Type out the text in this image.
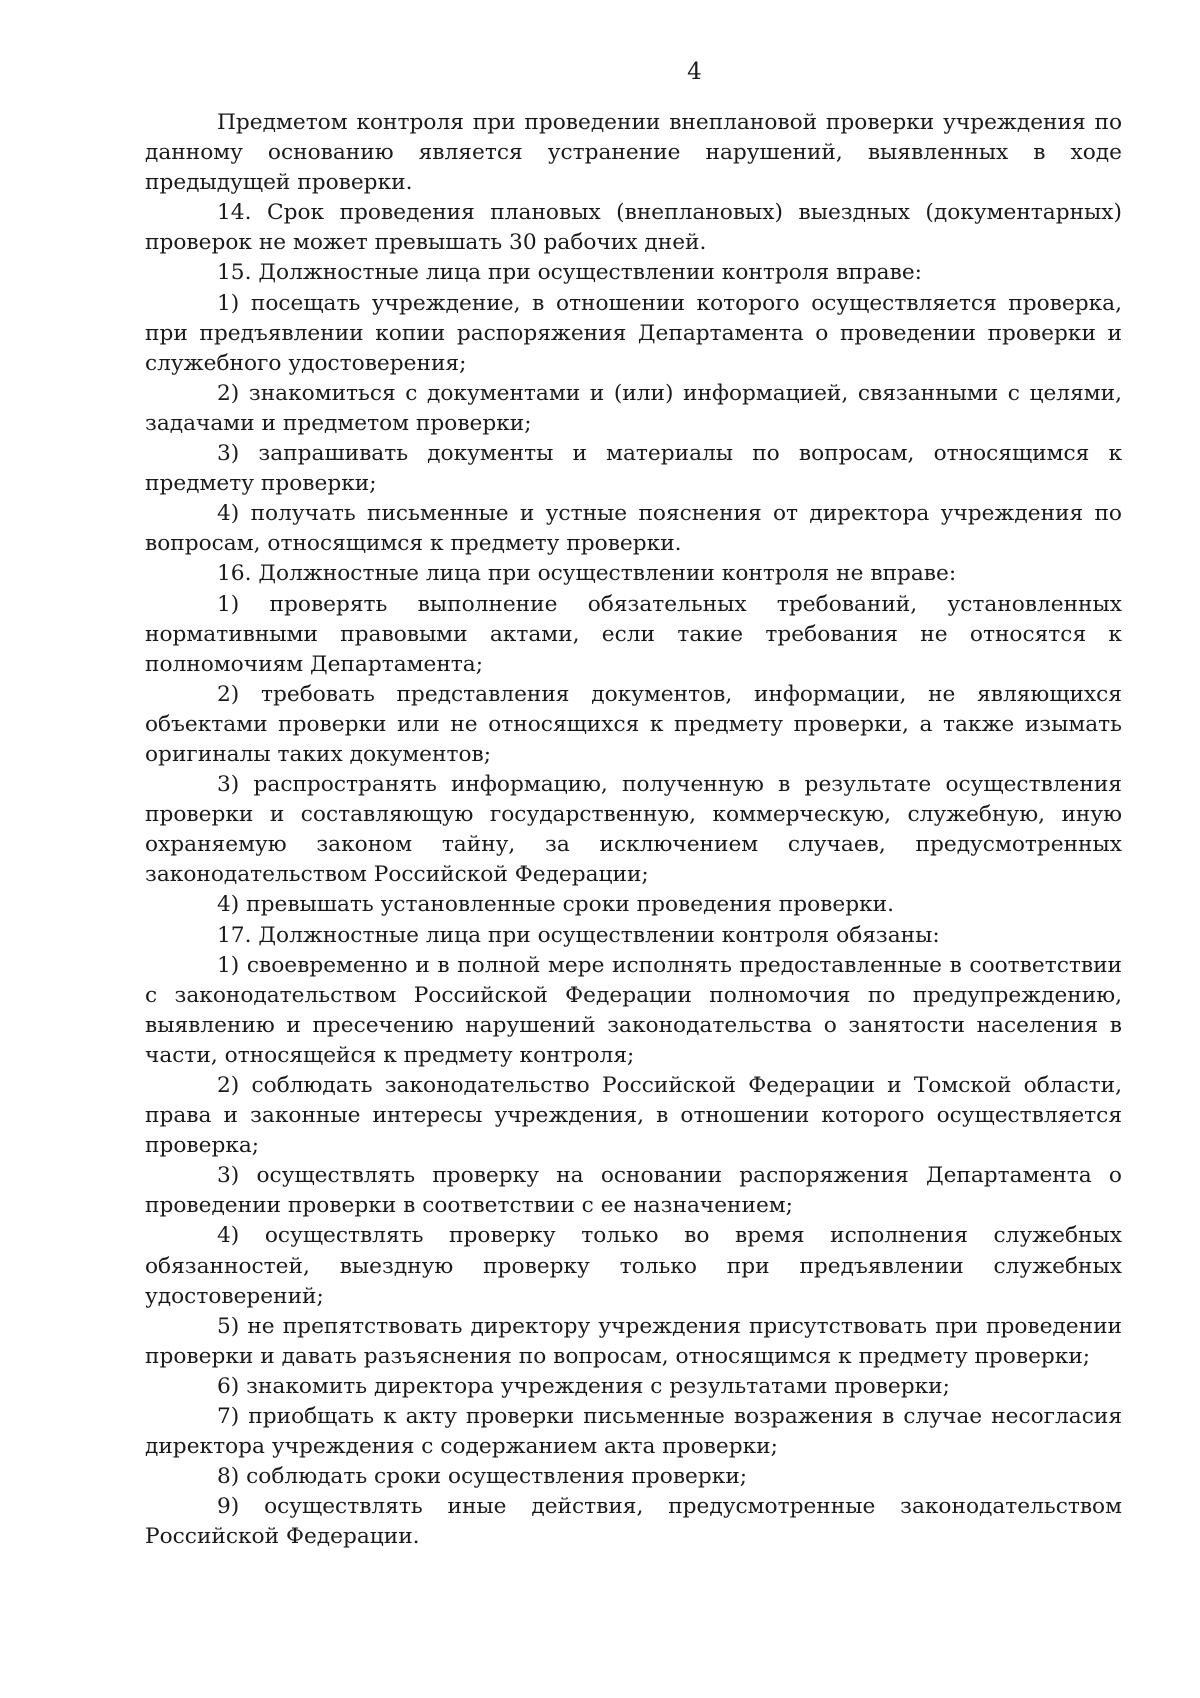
4

Предметом контроля при проведении внеплановой проверки учреждения по данному основанию является устранение нарушений, выявленных в ходе предыдущей проверки.

14. Срок проведения плановых (внеплановых) выездных (документарных) проверок не может превышать 30 рабочих дней.

15. Должностные лица при осуществлении контроля вправе:

1) посещать учреждение, в отношении которого осуществляется проверка, при предъявлении копии распоряжения Департамента о проведении проверки и служебного удостоверения;

2) знакомиться с документами и (или) информацией, связанными с целями, задачами и предметом проверки;

3) запрашивать документы и материалы по вопросам, относящимся к предмету проверки;

4) получать письменные и устные пояснения от директора учреждения по вопросам, относящимся к предмету проверки.

16. Должностные лица при осуществлении контроля не вправе:

1) проверять выполнение обязательных требований, установленных нормативными правовыми актами, если такие требования не относятся к полномочиям Департамента;

2) требовать представления документов, информации, не являющихся объектами проверки или не относящихся к предмету проверки, а также изымать оригиналы таких документов;

3) распространять информацию, полученную в результате осуществления проверки и составляющую государственную, коммерческую, служебную, иную охраняемую законом тайну, за исключением случаев, предусмотренных законодательством Российской Федерации;

4) превышать установленные сроки проведения проверки.

17. Должностные лица при осуществлении контроля обязаны:

1) своевременно и в полной мере исполнять предоставленные в соответствии с законодательством Российской Федерации полномочия по предупреждению, выявлению и пресечению нарушений законодательства о занятости населения в части, относящейся к предмету контроля;

2) соблюдать законодательство Российской Федерации и Томской области, права и законные интересы учреждения, в отношении которого осуществляется проверка;

3) осуществлять проверку на основании распоряжения Департамента о проведении проверки в соответствии с ее назначением;

4) осуществлять проверку только во время исполнения служебных обязанностей, выездную проверку только при предъявлении служебных удостоверений;

5) не препятствовать директору учреждения присутствовать при проведении проверки и давать разъяснения по вопросам, относящимся к предмету проверки;

6) знакомить директора учреждения с результатами проверки;

7) приобщать к акту проверки письменные возражения в случае несогласия директора учреждения с содержанием акта проверки;

8) соблюдать сроки осуществления проверки;

9) осуществлять иные действия, предусмотренные законодательством Российской Федерации.
